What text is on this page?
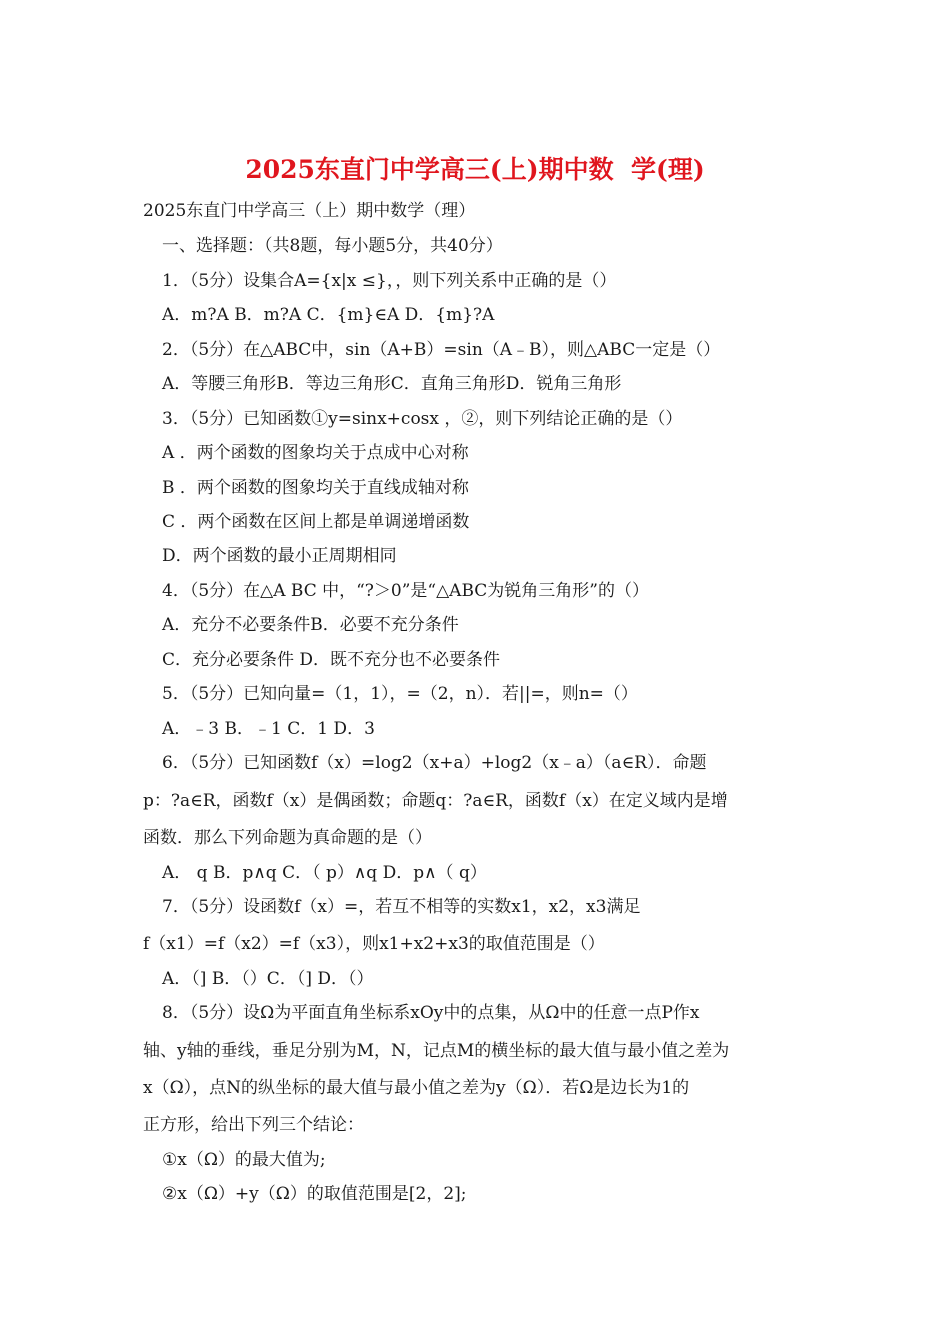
2025东直门中学高三(上)期中数  学(理)
2025东直门中学高三（上）期中数学（理）
一、选择题：（共8题，每小题5分，共40分）
1．（5分）设集合A={x|x ≤}，，则下列关系中正确的是（）
A．m?A B．m?A C．{m}∈A D．{m}?A
2．（5分）在△ABC中，sin（A+B）=sin（A﹣B），则△ABC一定是（）
A．等腰三角形B．等边三角形C．直角三角形D．锐角三角形
3．（5分）已知函数①y=sinx+cosx ，②，则下列结论正确的是（）
A ．两个函数的图象均关于点成中心对称
B ．两个函数的图象均关于直线成轴对称
C ．两个函数在区间上都是单调递增函数
D．两个函数的最小正周期相同
4．（5分）在△A BC 中，“?＞0”是“△ABC为锐角三角形”的（）
A．充分不必要条件B．必要不充分条件
C．充分必要条件 D．既不充分也不必要条件
5．（5分）已知向量=（1，1），=（2，n）．若||=，则n=（）
A．﹣3 B．﹣1 C．1 D．3
6．（5分）已知函数f（x）=log2（x+a）+log2（x﹣a）（a∈R）．命题
p：?a∈R，函数f（x）是偶函数；命题q：?a∈R，函数f（x）在定义域内是增
函数．那么下列命题为真命题的是（）
A． q B．p∧q C．（ p）∧q D．p∧（ q）
7．（5分）设函数f（x）=，若互不相等的实数x1，x2，x3满足
f（x1）=f（x2）=f（x3），则x1+x2+x3的取值范围是（）
A．（] B．（）C．（] D．（）
8．（5分）设Ω为平面直角坐标系xOy中的点集，从Ω中的任意一点P作x
轴、y轴的垂线，垂足分别为M，N，记点M的横坐标的最大值与最小值之差为
x（Ω），点N的纵坐标的最大值与最小值之差为y（Ω）．若Ω是边长为1的
正方形，给出下列三个结论：
①x（Ω）的最大值为;
②x（Ω）+y（Ω）的取值范围是[2，2];
